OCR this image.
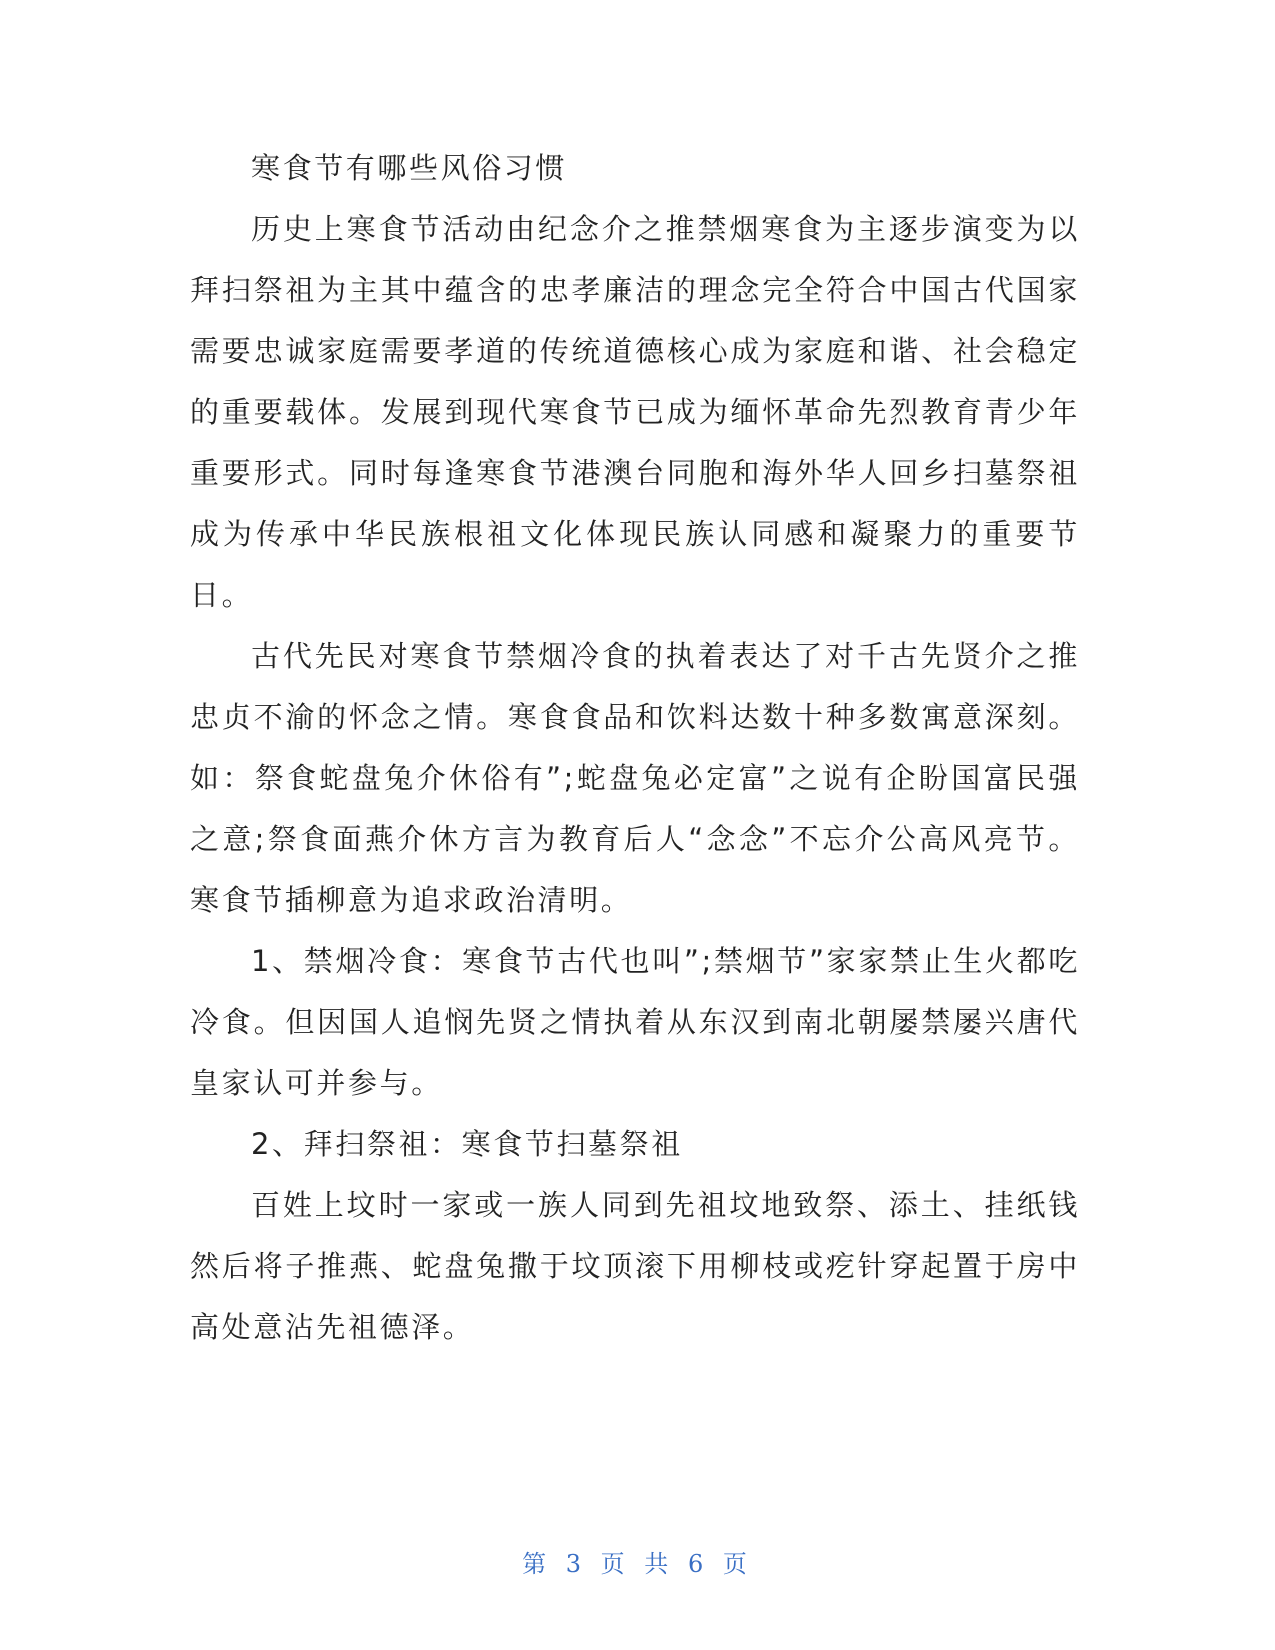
寒食节有哪些风俗习惯

历史上寒食节活动由纪念介之推禁烟寒食为主逐步演变为以拜扫祭祖为主其中蕴含的忠孝廉洁的理念完全符合中国古代国家需要忠诚家庭需要孝道的传统道德核心成为家庭和谐、社会稳定的重要载体。发展到现代寒食节已成为缅怀革命先烈教育青少年重要形式。同时每逢寒食节港澳台同胞和海外华人回乡扫墓祭祖成为传承中华民族根祖文化体现民族认同感和凝聚力的重要节日。

古代先民对寒食节禁烟冷食的执着表达了对千古先贤介之推忠贞不渝的怀念之情。寒食食品和饮料达数十种多数寓意深刻。如：祭食蛇盘兔介休俗有”;蛇盘兔必定富”之说有企盼国富民强之意;祭食面燕介休方言为教育后人“念念”不忘介公高风亮节。寒食节插柳意为追求政治清明。

1、禁烟冷食：寒食节古代也叫”;禁烟节”家家禁止生火都吃冷食。但因国人追悯先贤之情执着从东汉到南北朝屡禁屡兴唐代皇家认可并参与。

2、拜扫祭祖：寒食节扫墓祭祖

百姓上坟时一家或一族人同到先祖坟地致祭、添土、挂纸钱然后将子推燕、蛇盘兔撒于坟顶滚下用柳枝或疙针穿起置于房中高处意沾先祖德泽。

第 3 页 共 6 页
